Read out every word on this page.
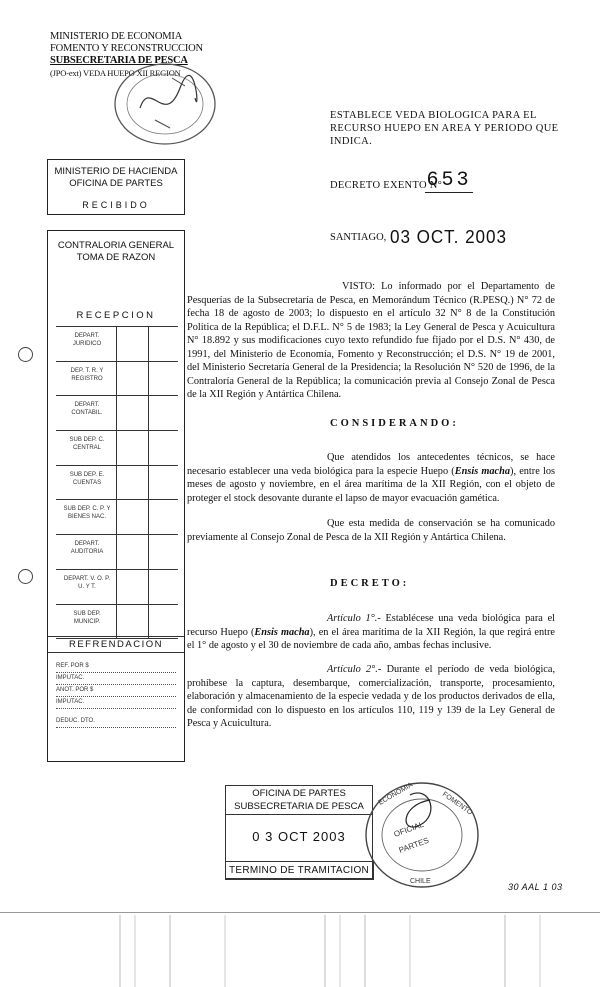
MINISTERIO DE ECONOMIA
FOMENTO Y RECONSTRUCCION
SUBSECRETARIA DE PESCA
(JPO-ext) VEDA HUEPO XII REGION
ESTABLECE VEDA BIOLOGICA PARA EL RECURSO HUEPO EN AREA Y PERIODO QUE INDICA.
MINISTERIO DE HACIENDA
OFICINA DE PARTES
RECIBIDO
CONTRALORIA GENERAL
TOMA DE RAZON
RECEPCION
DEPART. JURIDICO
DEP. T. R. Y REGISTRO
DEPART. CONTABIL.
SUB DEP. C. CENTRAL
SUB DEP. E. CUENTAS
SUB DEP. C. P. Y BIENES NAC.
DEPART. AUDITORIA
DEPART. V. O. P. U. Y T.
SUB DEP. MUNICIP.
REFRENDACION
REF. POR $
IMPUTAC.
ANOT. POR $
IMPUTAC.
DEDUC. DTO.
DECRETO EXENTO N°
653
SANTIAGO, 03 OCT. 2003
VISTO: Lo informado por el Departamento de Pesquerías de la Subsecretaría de Pesca, en Memorándum Técnico (R.PESQ.) N° 72 de fecha 18 de agosto de 2003; lo dispuesto en el artículo 32 N° 8 de la Constitución Política de la República; el D.F.L. N° 5 de 1983; la Ley General de Pesca y Acuicultura N° 18.892 y sus modificaciones cuyo texto refundido fue fijado por el D.S. N° 430, de 1991, del Ministerio de Economía, Fomento y Reconstrucción; el D.S. N° 19 de 2001, del Ministerio Secretaría General de la Presidencia; la Resolución N° 520 de 1996, de la Contraloría General de la República; la comunicación previa al Consejo Zonal de Pesca de la XII Región y Antártica Chilena.
CONSIDERANDO:
Que atendidos los antecedentes técnicos, se hace necesario establecer una veda biológica para la especie Huepo (Ensis macha), entre los meses de agosto y noviembre, en el área marítima de la XII Región, con el objeto de proteger el stock desovante durante el lapso de mayor evacuación gamética.
Que esta medida de conservación se ha comunicado previamente al Consejo Zonal de Pesca de la XII Región y Antártica Chilena.
DECRETO:
Artículo 1°.- Establécese una veda biológica para el recurso Huepo (Ensis macha), en el área marítima de la XII Región, la que regirá entre el 1° de agosto y el 30 de noviembre de cada año, ambas fechas inclusive.
Artículo 2°.- Durante el período de veda biológica, prohíbese la captura, desembarque, comercialización, transporte, procesamiento, elaboración y almacenamiento de la especie vedada y de los productos derivados de ella, de conformidad con lo dispuesto en los artículos 110, 119 y 139 de la Ley General de Pesca y Acuicultura.
OFICINA DE PARTES
SUBSECRETARIA DE PESCA
0 3 OCT 2003
TERMINO DE TRAMITACION
ECONOMIA	FOMENTO
OFICIAL
PARTES
CHILE
30 AAL 1 03
